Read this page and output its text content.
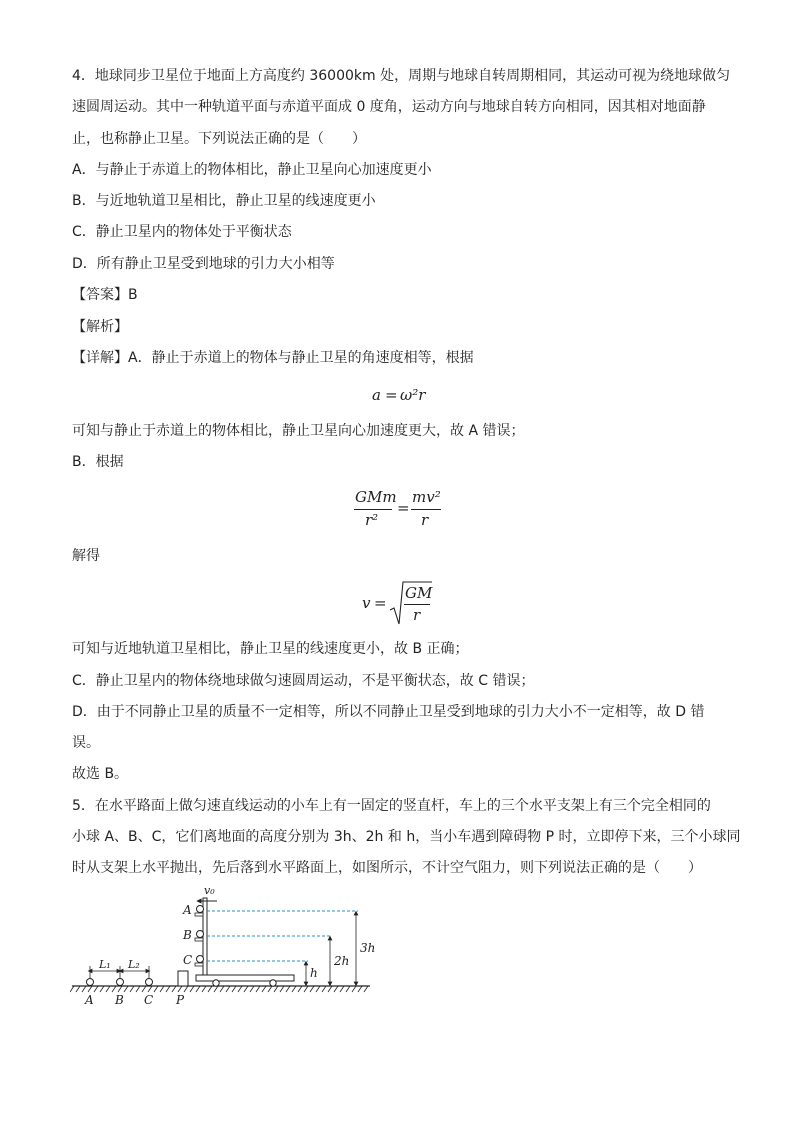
4．地球同步卫星位于地面上方高度约 36000km 处，周期与地球自转周期相同，其运动可视为绕地球做匀
速圆周运动。其中一种轨道平面与赤道平面成 0 度角，运动方向与地球自转方向相同，因其相对地面静
止，也称静止卫星。下列说法正确的是（　　）
A．与静止于赤道上的物体相比，静止卫星向心加速度更小
B．与近地轨道卫星相比，静止卫星的线速度更小
C．静止卫星内的物体处于平衡状态
D．所有静止卫星受到地球的引力大小相等
【答案】B
【解析】
【详解】A．静止于赤道上的物体与静止卫星的角速度相等，根据
a = ω²r
可知与静止于赤道上的物体相比，静止卫星向心加速度更大，故 A 错误；
B．根据
GMm
r²
=
mv²
r
解得
v =
GM
r
可知与近地轨道卫星相比，静止卫星的线速度更小，故 B 正确；
C．静止卫星内的物体绕地球做匀速圆周运动，不是平衡状态，故 C 错误；
D．由于不同静止卫星的质量不一定相等，所以不同静止卫星受到地球的引力大小不一定相等，故 D 错
误。
故选 B。
5．在水平路面上做匀速直线运动的小车上有一固定的竖直杆，车上的三个水平支架上有三个完全相同的
小球 A、B、C，它们离地面的高度分别为 3h、2h 和 h，当小车遇到障碍物 P 时，立即停下来，三个小球同
时从支架上水平抛出，先后落到水平路面上，如图所示，不计空气阻力，则下列说法正确的是（　　）
L₁ L₂
v₀
A
B
C
h
2h
3h
A B C P
